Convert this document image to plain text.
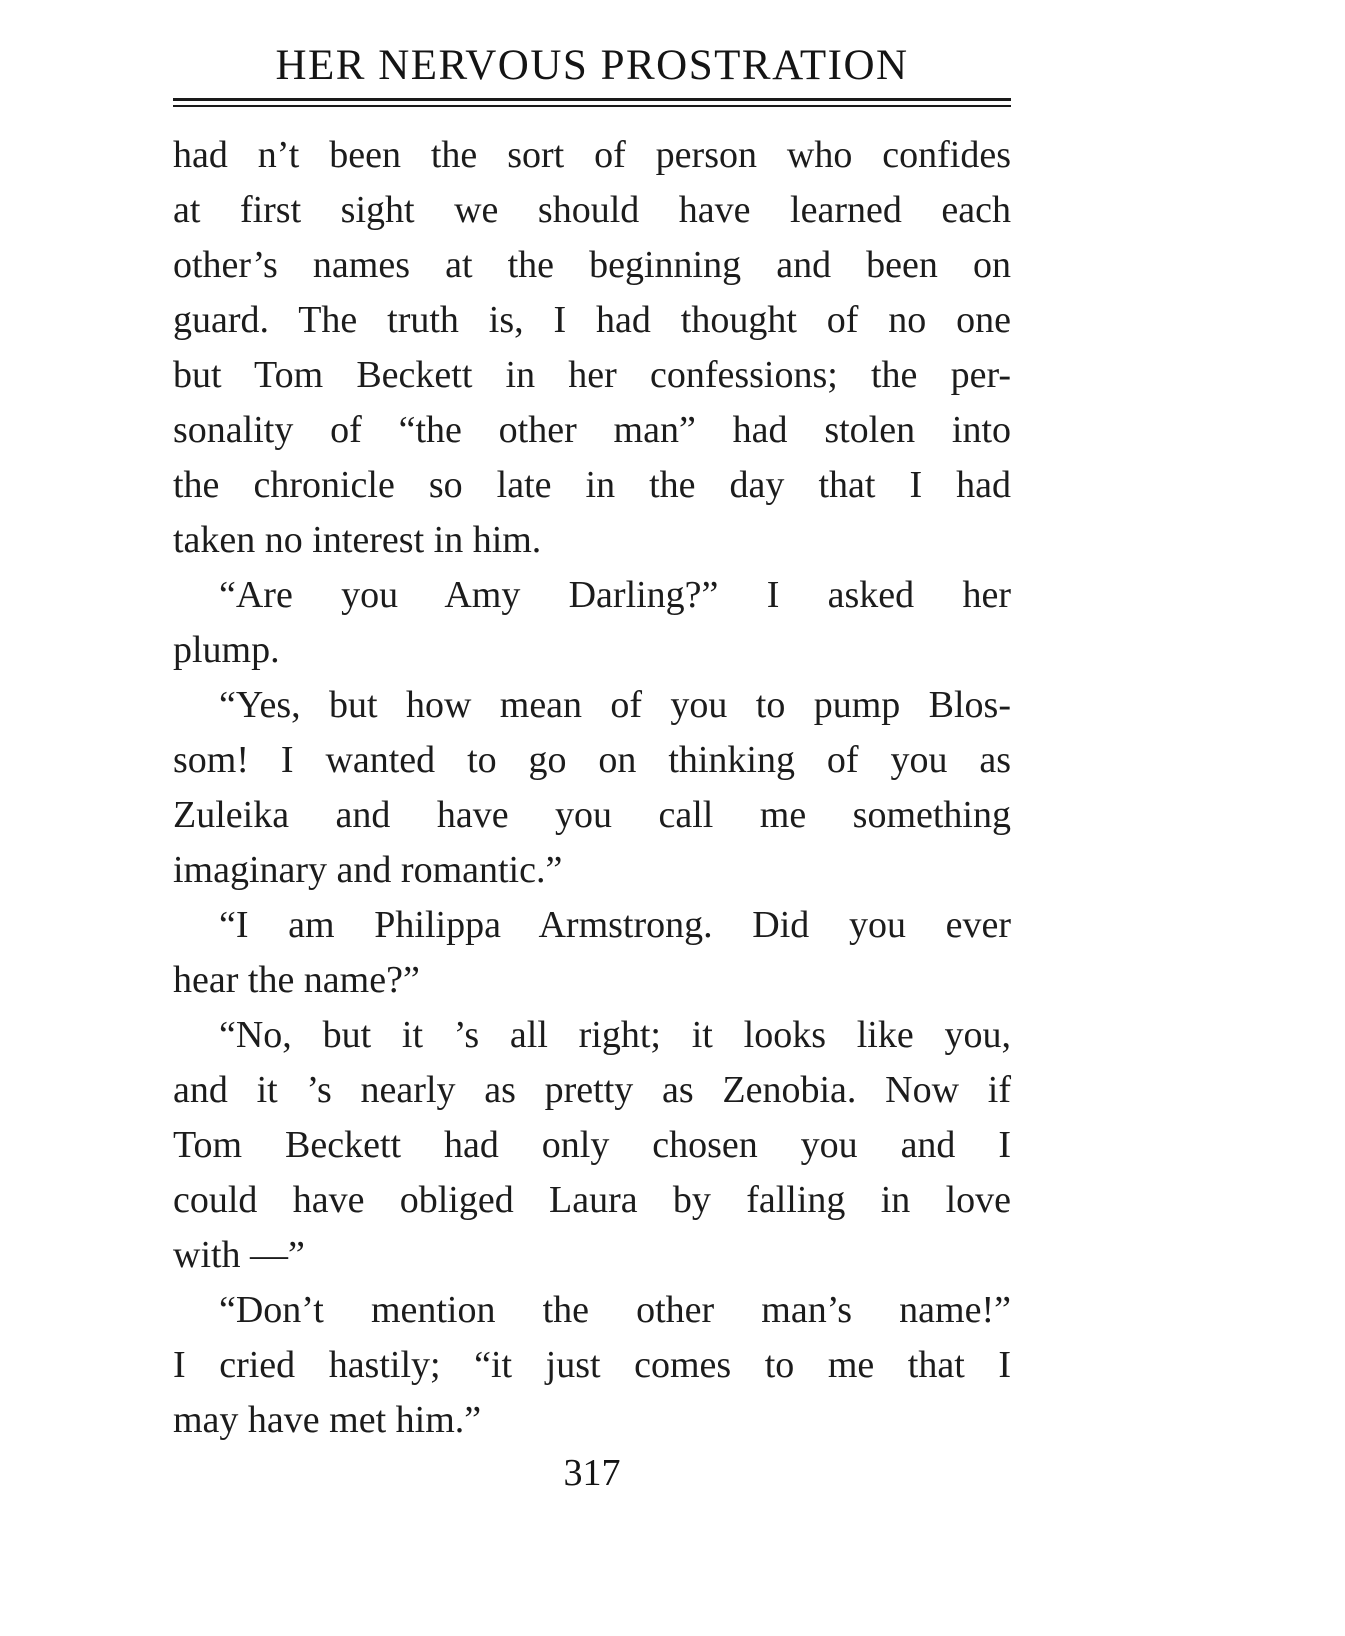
HER NERVOUS PROSTRATION
had n’t been the sort of person who confides
at first sight we should have learned each
other’s names at the beginning and been on
guard. The truth is, I had thought of no one
but Tom Beckett in her confessions; the per-
sonality of “the other man” had stolen into
the chronicle so late in the day that I had
taken no interest in him.
“Are you Amy Darling?” I asked her
plump.
“Yes, but how mean of you to pump Blos-
som! I wanted to go on thinking of you as
Zuleika and have you call me something
imaginary and romantic.”
“I am Philippa Armstrong. Did you ever
hear the name?”
“No, but it ’s all right; it looks like you,
and it ’s nearly as pretty as Zenobia. Now if
Tom Beckett had only chosen you and I
could have obliged Laura by falling in love
with —”
“Don’t mention the other man’s name!”
I cried hastily; “it just comes to me that I
may have met him.”
317
